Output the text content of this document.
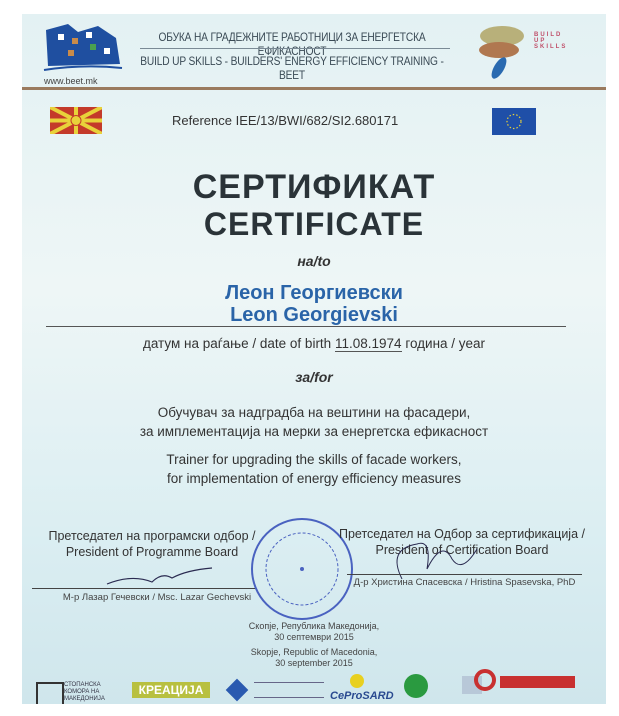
www.beet.mk
ОБУКА НА ГРАДЕЖНИТЕ РАБОТНИЦИ ЗА ЕНЕРГЕТСКА ЕФИКАСНОСТ
BUILD UP SKILLS - BUILDERS' ENERGY EFFICIENCY TRAINING - BEET
BUILD UP SKILLS
Reference IEE/13/BWI/682/SI2.680171
СЕРТИФИКАТ
CERTIFICATE
на/to
Леон Георгиевски
Leon Georgievski
датум на раѓање / date of birth 11.08.1974 година / year
за/for
Обучувач за надградба на вештини на фасадери,
за имплементација на мерки за енергетска ефикасност
Trainer for upgrading the skills of facade workers,
for implementation of energy efficiency measures
Претседател на програмски одбор /
President of Programme Board
М-р Лазар Гечевски / Msc. Lazar Gechevski
Претседател на Одбор за сертификација /
President of Certification Board
Д-р Христина Спасевска / Hristina Spasevska, PhD
Скопје, Република Македонија,
30 септември 2015
Skopje, Republic of Macedonia,
30 september 2015
СТОПАНСКА КОМОРА НА МАКЕДОНИЈА
КРЕАЦИЈА	CeProSARD
